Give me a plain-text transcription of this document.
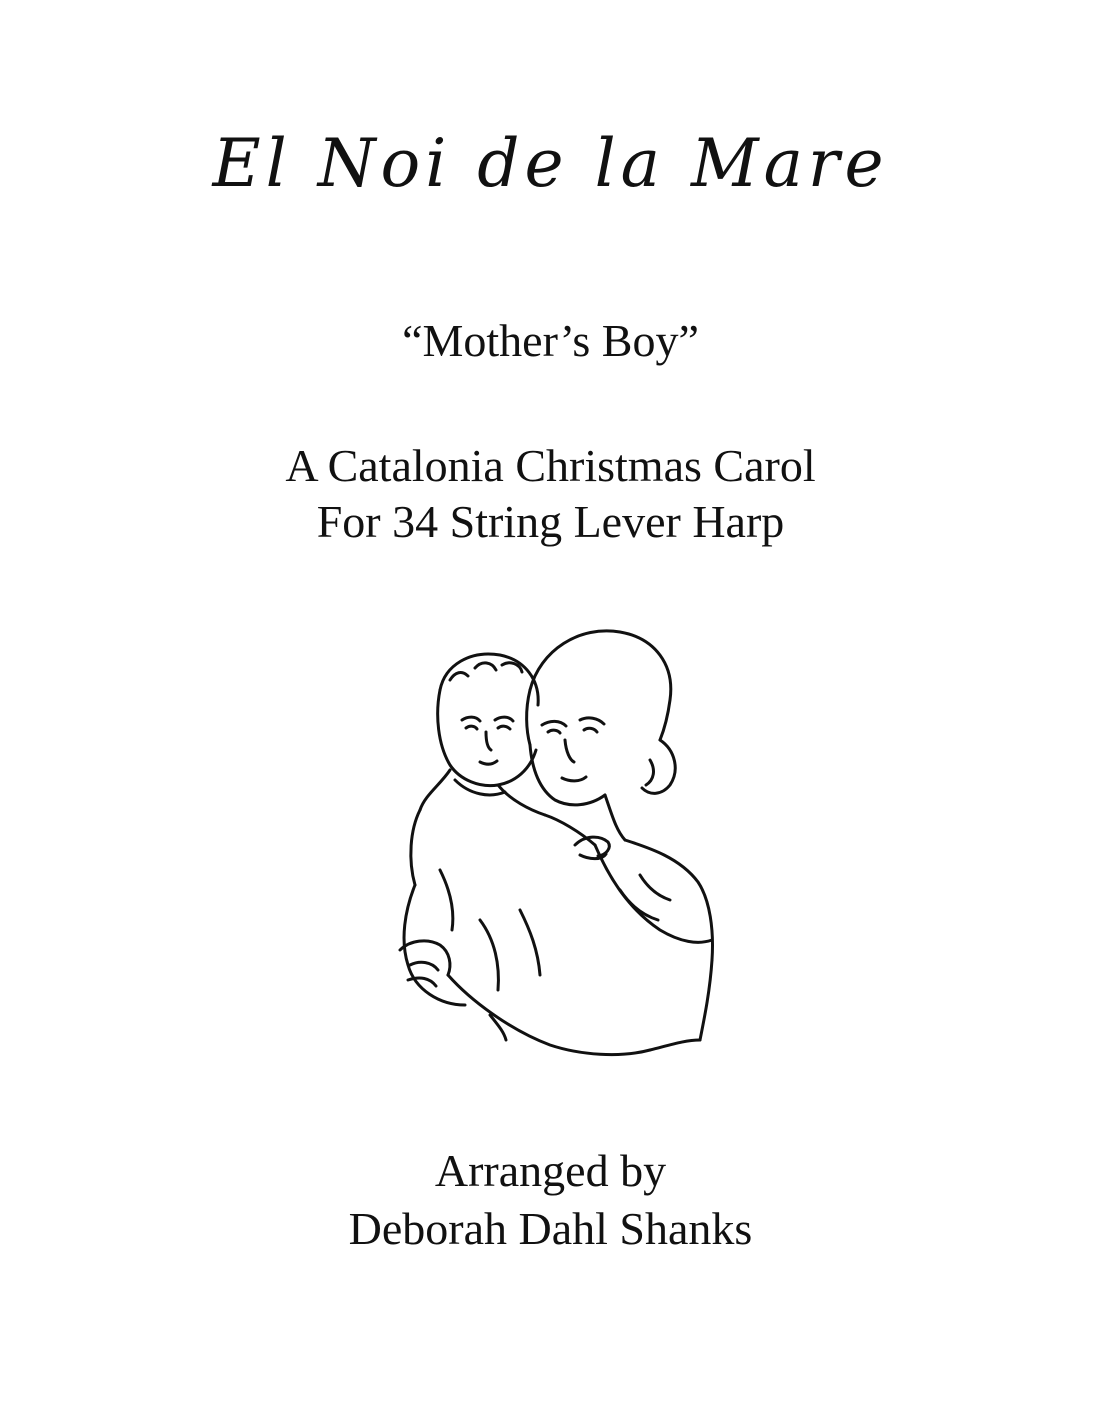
El Noi de la Mare
“Mother’s Boy”
A Catalonia Christmas Carol
For 34 String Lever Harp
Arranged by
Deborah Dahl Shanks
